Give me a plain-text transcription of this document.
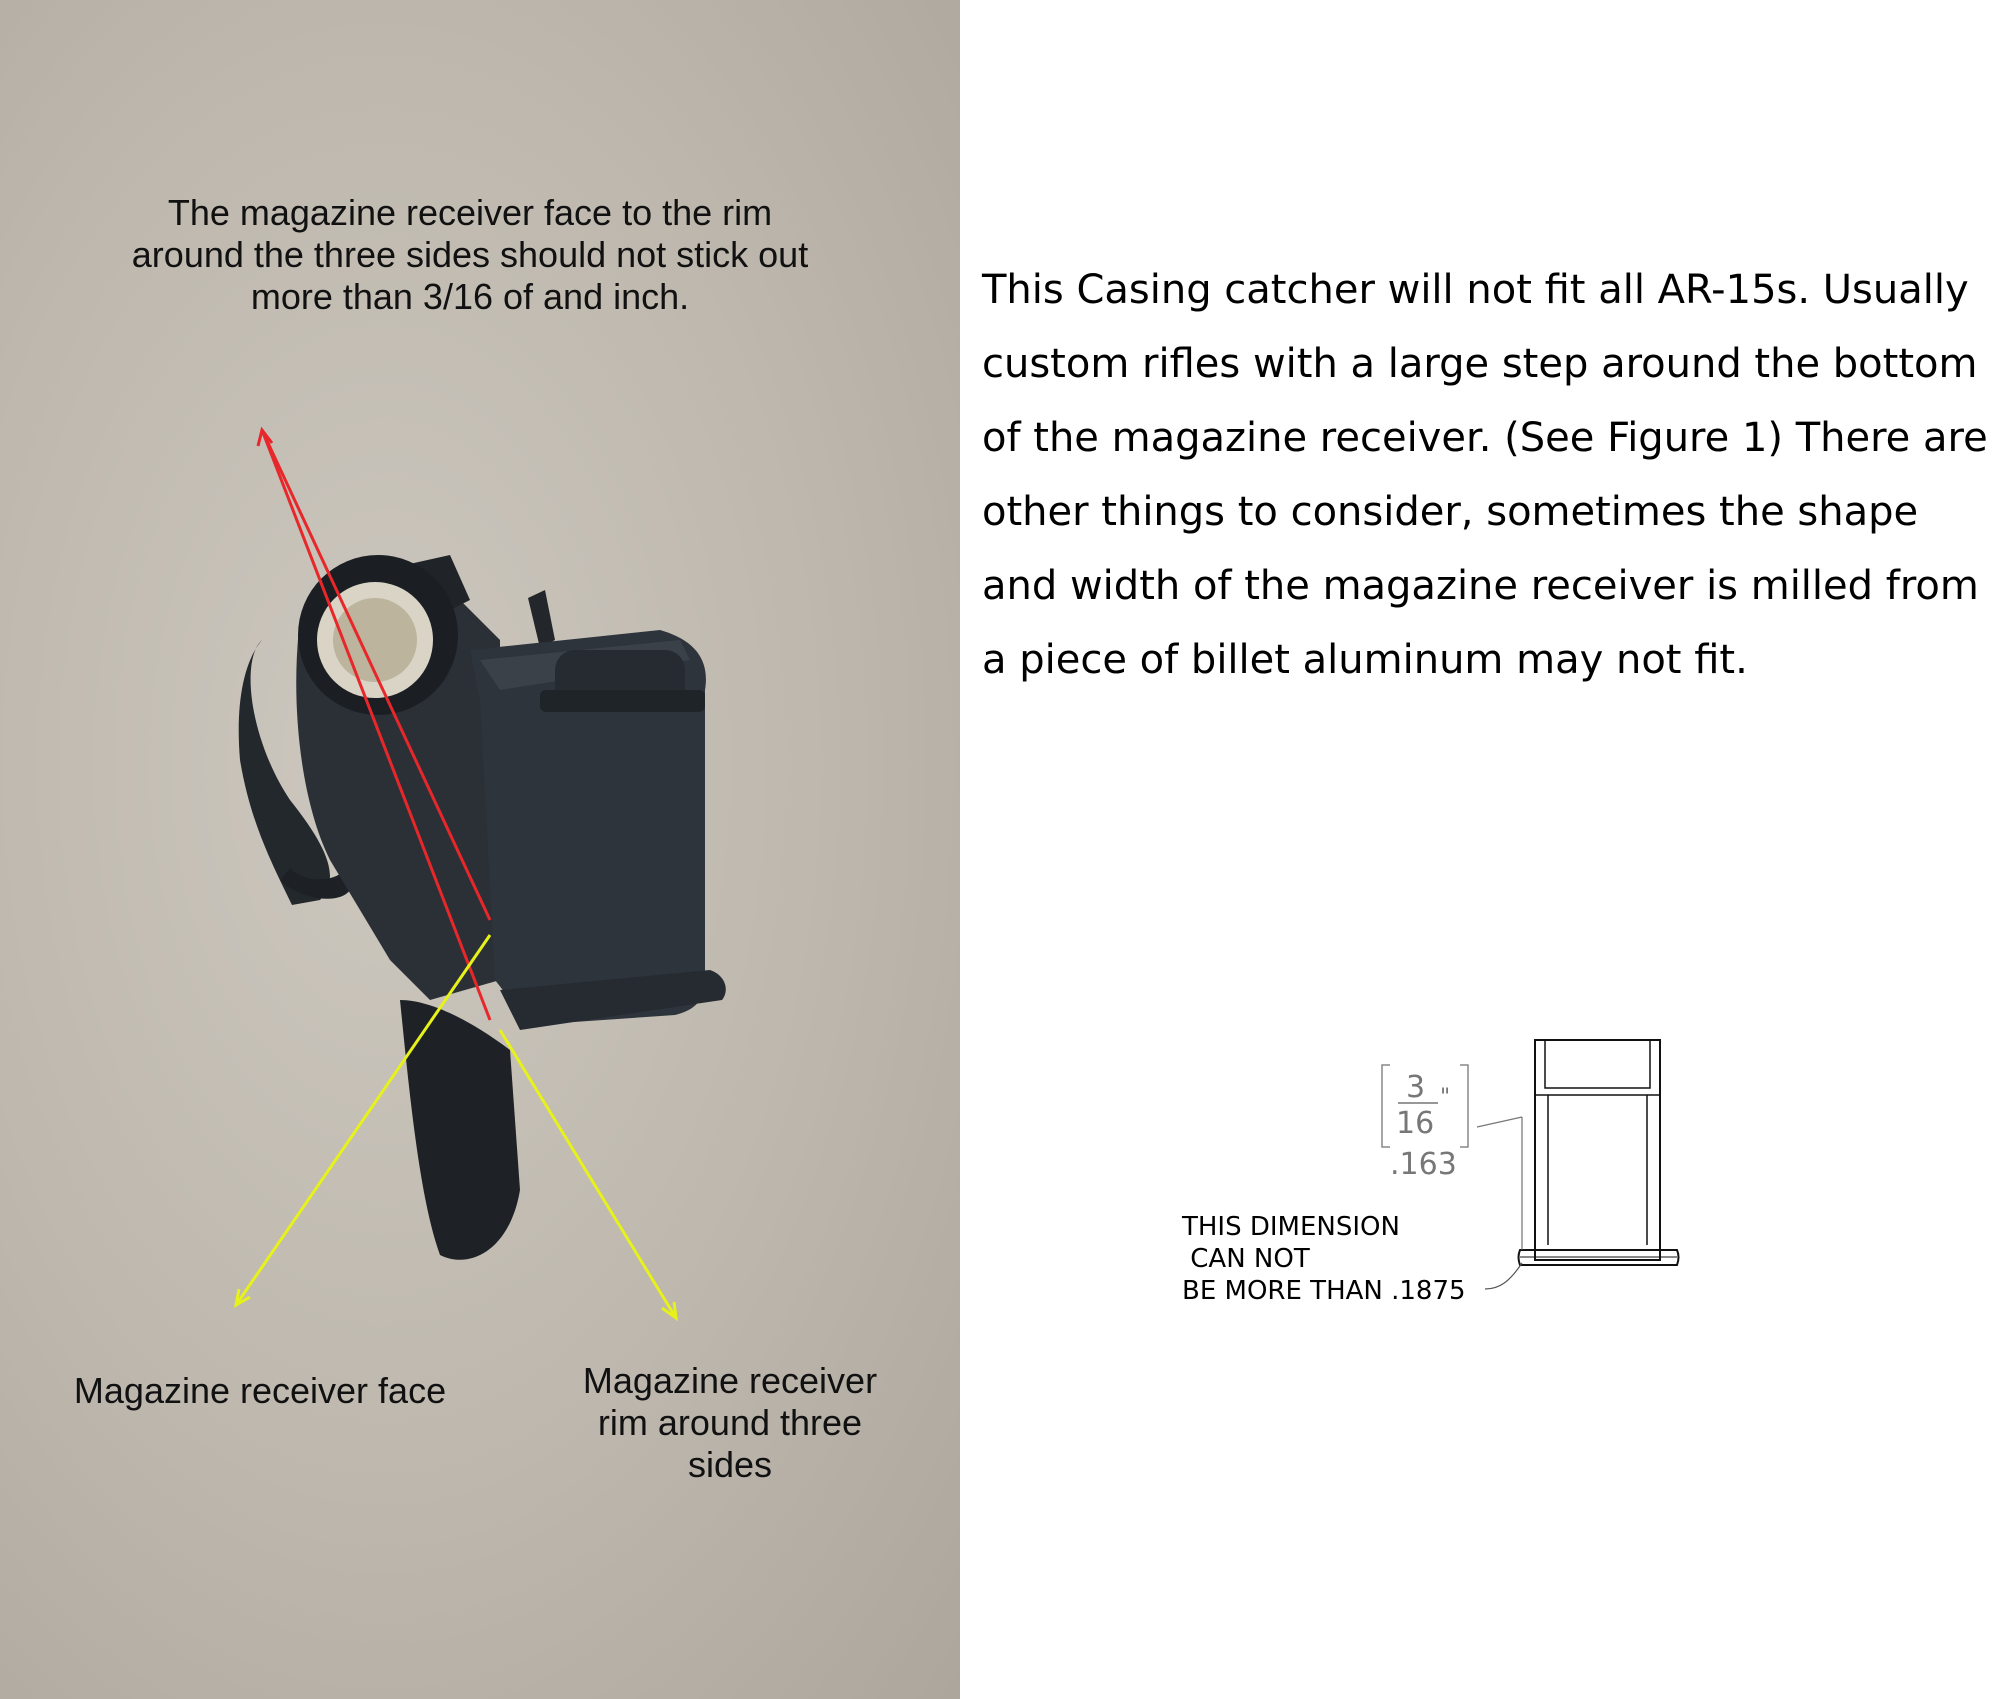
The magazine receiver face to the rim around the three sides should not stick out more than 3/16 of and inch.
Magazine receiver face	Magazine receiver rim around three sides

This Casing catcher will not fit all AR-15s. Usually custom rifles with a large step around the bottom of the magazine receiver. (See Figure 1) There are other things to consider, sometimes the shape and width of the magazine receiver is milled from a piece of billet aluminum may not fit.

3
16
"
.163
THIS DIMENSION
CAN NOT
BE MORE THAN .1875
